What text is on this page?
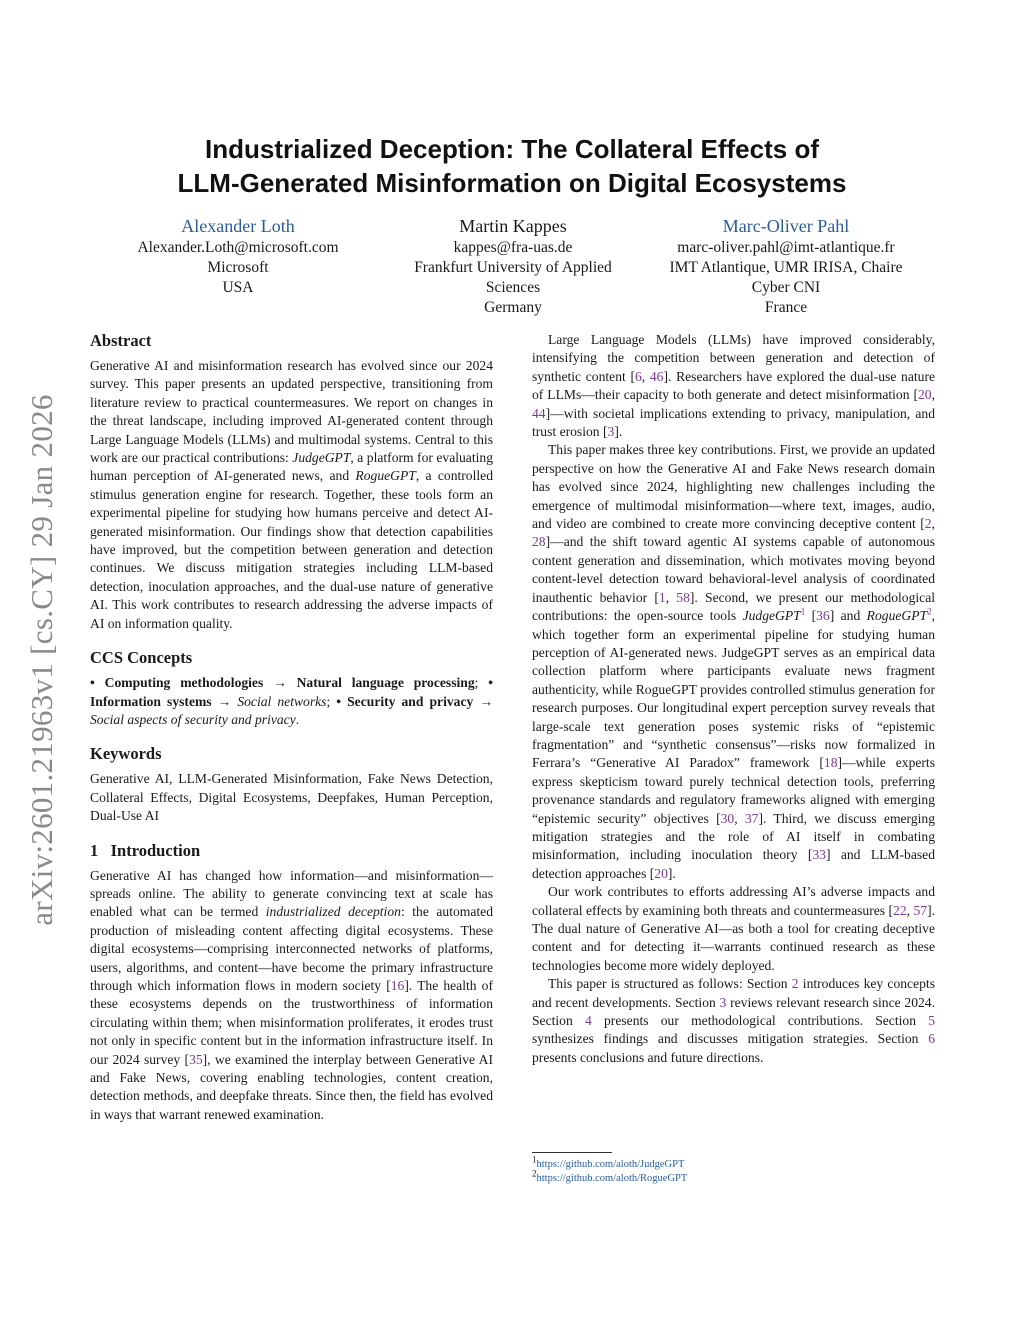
arXiv:2601.21963v1 [cs.CY] 29 Jan 2026
Industrialized Deception: The Collateral Effects of
LLM-Generated Misinformation on Digital Ecosystems
Alexander Loth
Alexander.Loth@microsoft.com
Microsoft
USA
Martin Kappes
kappes@fra-uas.de
Frankfurt University of Applied
Sciences
Germany
Marc-Oliver Pahl
marc-oliver.pahl@imt-atlantique.fr
IMT Atlantique, UMR IRISA, Chaire
Cyber CNI
France
Abstract

Generative AI and misinformation research has evolved since our 2024 survey. This paper presents an updated perspective, transitioning from literature review to practical countermeasures. We report on changes in the threat landscape, including improved AI-generated content through Large Language Models (LLMs) and multimodal systems. Central to this work are our practical contributions: JudgeGPT, a platform for evaluating human perception of AI-generated news, and RogueGPT, a controlled stimulus generation engine for research. Together, these tools form an experimental pipeline for studying how humans perceive and detect AI-generated misinformation. Our findings show that detection capabilities have improved, but the competition between generation and detection continues. We discuss mitigation strategies including LLM-based detection, inoculation approaches, and the dual-use nature of generative AI. This work contributes to research addressing the adverse impacts of AI on information quality.

CCS Concepts

• Computing methodologies → Natural language processing; • Information systems → Social networks; • Security and privacy → Social aspects of security and privacy.

Keywords

Generative AI, LLM-Generated Misinformation, Fake News Detection, Collateral Effects, Digital Ecosystems, Deepfakes, Human Perception, Dual-Use AI

1 Introduction

Generative AI has changed how information—and misinformation—spreads online. The ability to generate convincing text at scale has enabled what can be termed industrialized deception: the automated production of misleading content affecting digital ecosystems. These digital ecosystems—comprising interconnected networks of platforms, users, algorithms, and content—have become the primary infrastructure through which information flows in modern society [16]. The health of these ecosystems depends on the trustworthiness of information circulating within them; when misinformation proliferates, it erodes trust not only in specific content but in the information infrastructure itself. In our 2024 survey [35], we examined the interplay between Generative AI and Fake News, covering enabling technologies, content creation, detection methods, and deepfake threats. Since then, the field has evolved in ways that warrant renewed examination.

Large Language Models (LLMs) have improved considerably, intensifying the competition between generation and detection of synthetic content [6, 46]. Researchers have explored the dual-use nature of LLMs—their capacity to both generate and detect misinformation [20, 44]—with societal implications extending to privacy, manipulation, and trust erosion [3].

This paper makes three key contributions. First, we provide an updated perspective on how the Generative AI and Fake News research domain has evolved since 2024, highlighting new challenges including the emergence of multimodal misinformation—where text, images, audio, and video are combined to create more convincing deceptive content [2, 28]—and the shift toward agentic AI systems capable of autonomous content generation and dissemination, which motivates moving beyond content-level detection toward behavioral-level analysis of coordinated inauthentic behavior [1, 58]. Second, we present our methodological contributions: the open-source tools JudgeGPT$^1$ [36] and RogueGPT$^2$, which together form an experimental pipeline for studying human perception of AI-generated news. JudgeGPT serves as an empirical data collection platform where participants evaluate news fragment authenticity, while RogueGPT provides controlled stimulus generation for research purposes. Our longitudinal expert perception survey reveals that large-scale text generation poses systemic risks of “epistemic fragmentation” and “synthetic consensus”—risks now formalized in Ferrara’s “Generative AI Paradox” framework [18]—while experts express skepticism toward purely technical detection tools, preferring provenance standards and regulatory frameworks aligned with emerging “epistemic security” objectives [30, 37]. Third, we discuss emerging mitigation strategies and the role of AI itself in combating misinformation, including inoculation theory [33] and LLM-based detection approaches [20].

Our work contributes to efforts addressing AI’s adverse impacts and collateral effects by examining both threats and countermeasures [22, 57]. The dual nature of Generative AI—as both a tool for creating deceptive content and for detecting it—warrants continued research as these technologies become more widely deployed.

This paper is structured as follows: Section 2 introduces key concepts and recent developments. Section 3 reviews relevant research since 2024. Section 4 presents our methodological contributions. Section 5 synthesizes findings and discusses mitigation strategies. Section 6 presents conclusions and future directions.

$^1$https://github.com/aloth/JudgeGPT
$^2$https://github.com/aloth/RogueGPT
